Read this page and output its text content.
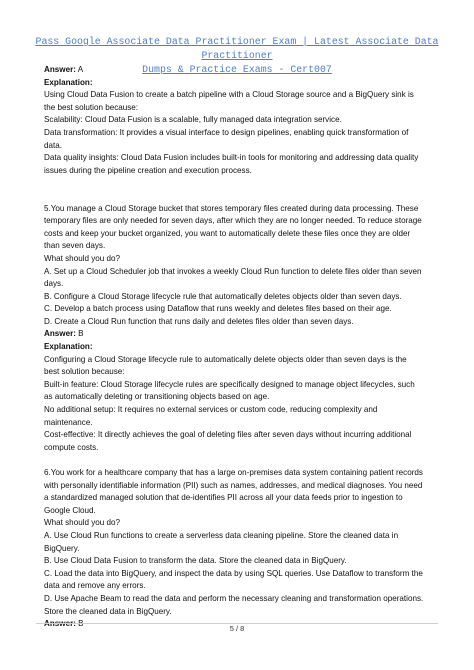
Pass Google Associate Data Practitioner Exam | Latest Associate Data Practitioner
Dumps & Practice Exams - Cert007

Answer: A

Explanation:

Using Cloud Data Fusion to create a batch pipeline with a Cloud Storage source and a BigQuery sink is

the best solution because:

Scalability: Cloud Data Fusion is a scalable, fully managed data integration service.

Data transformation: It provides a visual interface to design pipelines, enabling quick transformation of

data.

Data quality insights: Cloud Data Fusion includes built-in tools for monitoring and addressing data quality

issues during the pipeline creation and execution process.

5.You manage a Cloud Storage bucket that stores temporary files created during data processing. These

temporary files are only needed for seven days, after which they are no longer needed. To reduce storage

costs and keep your bucket organized, you want to automatically delete these files once they are older

than seven days.

What should you do?

A. Set up a Cloud Scheduler job that invokes a weekly Cloud Run function to delete files older than seven

days.

B. Configure a Cloud Storage lifecycle rule that automatically deletes objects older than seven days.

C. Develop a batch process using Dataflow that runs weekly and deletes files based on their age.

D. Create a Cloud Run function that runs daily and deletes files older than seven days.

Answer: B

Explanation:

Configuring a Cloud Storage lifecycle rule to automatically delete objects older than seven days is the

best solution because:

Built-in feature: Cloud Storage lifecycle rules are specifically designed to manage object lifecycles, such

as automatically deleting or transitioning objects based on age.

No additional setup: It requires no external services or custom code, reducing complexity and

maintenance.

Cost-effective: It directly achieves the goal of deleting files after seven days without incurring additional

compute costs.

6.You work for a healthcare company that has a large on-premises data system containing patient records

with personally identifiable information (PII) such as names, addresses, and medical diagnoses. You need

a standardized managed solution that de-identifies PII across all your data feeds prior to ingestion to

Google Cloud.

What should you do?

A. Use Cloud Run functions to create a serverless data cleaning pipeline. Store the cleaned data in

BigQuery.

B. Use Cloud Data Fusion to transform the data. Store the cleaned data in BigQuery.

C. Load the data into BigQuery, and inspect the data by using SQL queries. Use Dataflow to transform the

data and remove any errors.

D. Use Apache Beam to read the data and perform the necessary cleaning and transformation operations.

Store the cleaned data in BigQuery.

Answer: B

5 / 8
